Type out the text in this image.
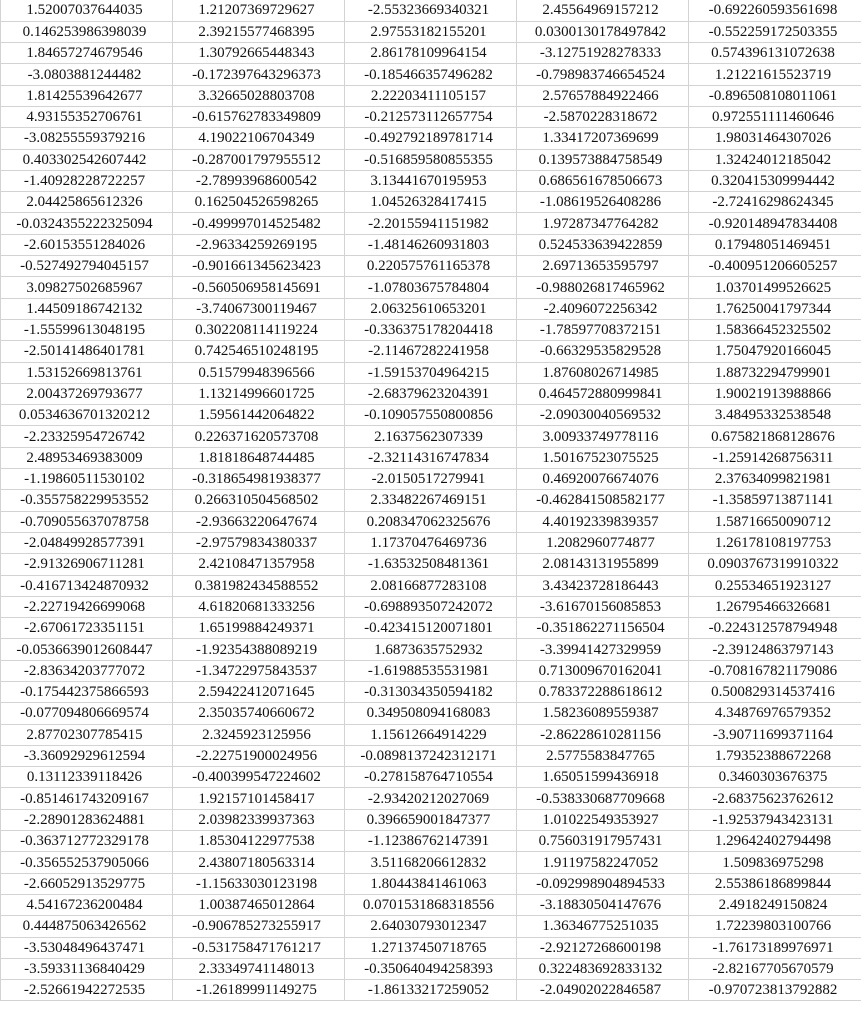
1.52007037644035	1.21207369729627	-2.55323669340321	2.45564969157212	-0.692260593561698
0.146253986398039	2.39215577468395	2.97553182155201	0.0300130178497842	-0.552259172503355
1.84657274679546	1.30792665448343	2.86178109964154	-3.12751928278333	0.574396131072638
-3.0803881244482	-0.172397643296373	-0.185466357496282	-0.798983746654524	1.21221615523719
1.81425539642677	3.32665028803708	2.22203411105157	2.57657884922466	-0.896508108011061
4.93155352706761	-0.615762783349809	-0.212573112657754	-2.5870228318672	0.972551111460646
-3.08255559379216	4.19022106704349	-0.492792189781714	1.33417207369699	1.98031464307026
0.403302542607442	-0.287001797955512	-0.516859580855355	0.139573884758549	1.32424012185042
-1.40928228722257	-2.78993968600542	3.13441670195953	0.686561678506673	0.320415309994442
2.04425865612326	0.162504526598265	1.04526328417415	-1.08619526408286	-2.72416298624345
-0.0324355222325094	-0.499997014525482	-2.20155941151982	1.97287347764282	-0.920148947834408
-2.60153551284026	-2.96334259269195	-1.48146260931803	0.524533639422859	0.17948051469451
-0.527492794045157	-0.901661345623423	0.220575761165378	2.69713653595797	-0.400951206605257
3.09827502685967	-0.560506958145691	-1.07803675784804	-0.988026817465962	1.03701499526625
1.44509186742132	-3.74067300119467	2.06325610653201	-2.4096072256342	1.76250041797344
-1.55599613048195	0.302208114119224	-0.336375178204418	-1.78597708372151	1.58366452325502
-2.50141486401781	0.742546510248195	-2.11467282241958	-0.66329535829528	1.75047920166045
1.53152669813761	0.51579948396566	-1.59153704964215	1.87608026714985	1.88732294799901
2.00437269793677	1.13214996601725	-2.68379623204391	0.464572880999841	1.90021913988866
0.0534636701320212	1.59561442064822	-0.109057550800856	-2.09030040569532	3.48495332538548
-2.23325954726742	0.226371620573708	2.1637562307339	3.00933749778116	0.675821868128676
2.48953469383009	1.81818648744485	-2.32114316747834	1.50167523075525	-1.25914268756311
-1.19860511530102	-0.318654981938377	-2.0150517279941	0.46920076674076	2.37634099821981
-0.355758229953552	0.266310504568502	2.33482267469151	-0.462841508582177	-1.35859713871141
-0.709055637078758	-2.93663220647674	0.208347062325676	4.40192339839357	1.58716650090712
-2.04849928577391	-2.97579834380337	1.17370476469736	1.2082960774877	1.26178108197753
-2.91326906711281	2.42108471357958	-1.63532508481361	2.08143131955899	0.0903767319910322
-0.416713424870932	0.381982434588552	2.08166877283108	3.43423728186443	0.25534651923127
-2.22719426699068	4.61820681333256	-0.698893507242072	-3.61670156085853	1.26795466326681
-2.67061723351151	1.65199884249371	-0.423415120071801	-0.351862271156504	-0.224312578794948
-0.0536639012608447	-1.92354388089219	1.6873635752932	-3.39941427329959	-2.39124863797143
-2.83634203777072	-1.34722975843537	-1.61988535531981	0.713009670162041	-0.708167821179086
-0.175442375866593	2.59422412071645	-0.313034350594182	0.783372288618612	0.500829314537416
-0.077094806669574	2.35035740660672	0.349508094168083	1.58236089559387	4.34876976579352
2.87702307785415	2.3245923125956	1.15612664914229	-2.86228610281156	-3.90711699371164
-3.36092929612594	-2.22751900024956	-0.0898137242312171	2.5775583847765	1.79352388672268
0.13112339118426	-0.400399547224602	-0.278158764710554	1.65051599436918	0.3460303676375
-0.851461743209167	1.92157101458417	-2.93420212027069	-0.538330687709668	-2.68375623762612
-2.28901283624881	2.03982339937363	0.396659001847377	1.01022549353927	-1.92537943423131
-0.363712772329178	1.85304122977538	-1.12386762147391	0.756031917957431	1.29642402794498
-0.356552537905066	2.43807180563314	3.51168206612832	1.91197582247052	1.509836975298
-2.66052913529775	-1.15633030123198	1.80443841461063	-0.092998904894533	2.55386186899844
4.54167236200484	1.00387465012864	0.0701531868318556	-3.18830504147676	2.4918249150824
0.444875063426562	-0.906785273255917	2.64030793012347	1.36346775251035	1.72239803100766
-3.53048496437471	-0.531758471761217	1.27137450718765	-2.92127268600198	-1.76173189976971
-3.59331136840429	2.33349741148013	-0.350640494258393	0.322483692833132	-2.82167705670579
-2.52661942272535	-1.26189991149275	-1.86133217259052	-2.04902022846587	-0.970723813792882
